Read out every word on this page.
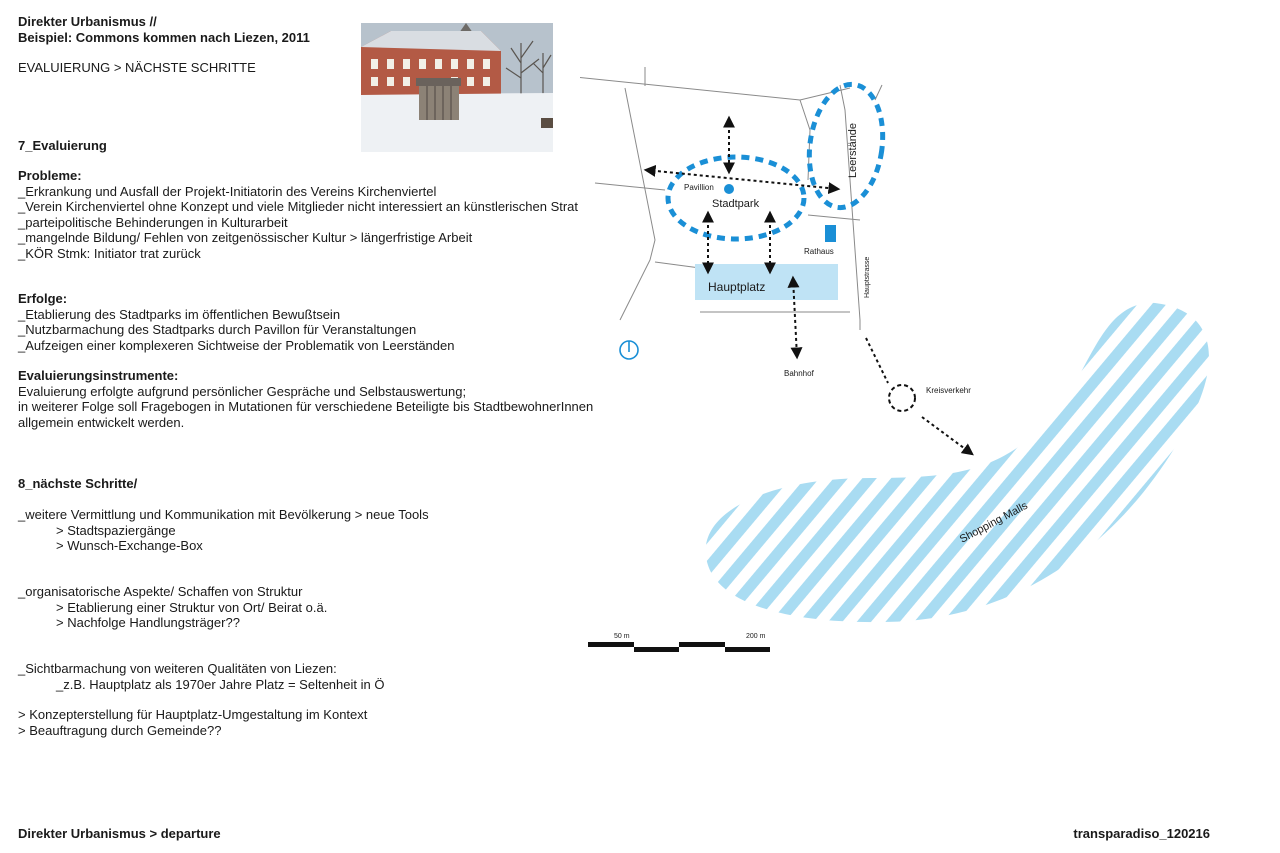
Direkter Urbanismus //
Beispiel: Commons kommen nach Liezen, 2011
EVALUIERUNG > NÄCHSTE SCHRITTE
7_Evaluierung
Probleme:
_Erkrankung und Ausfall der Projekt-Initiatorin des Vereins Kirchenviertel
_Verein Kirchenviertel ohne Konzept und viele Mitglieder nicht interessiert an künstlerischen Strat
_parteipolitische Behinderungen in Kulturarbeit
_mangelnde Bildung/ Fehlen von zeitgenössischer Kultur > längerfristige Arbeit
_KÖR Stmk: Initiator trat zurück
Erfolge:
_Etablierung des Stadtparks im öffentlichen Bewußtsein
_Nutzbarmachung des Stadtparks durch Pavillon für Veranstaltungen
_Aufzeigen einer komplexeren Sichtweise der Problematik von Leerständen
Evaluierungsinstrumente:
Evaluierung erfolgte aufgrund persönlicher Gespräche und Selbstauswertung;
in weiterer Folge soll Fragebogen in Mutationen für verschiedene Beteiligte bis StadtbewohnerInnen
allgemein entwickelt werden.
8_nächste Schritte/
_weitere Vermittlung und Kommunikation mit Bevölkerung > neue Tools
> Stadtspaziergänge
> Wunsch-Exchange-Box
_organisatorische Aspekte/ Schaffen von Struktur
> Etablierung einer Struktur von Ort/ Beirat o.ä.
> Nachfolge Handlungsträger??
_Sichtbarmachung von weiteren Qualitäten von Liezen:
_z.B. Hauptplatz als 1970er Jahre Platz = Seltenheit in Ö
> Konzepterstellung für Hauptplatz-Umgestaltung im Kontext
> Beauftragung durch Gemeinde??
Hauptplatz
Pavillion
Stadtpark
Leerstände
Rathaus
Hauptstrasse
Bahnhof
Kreisverkehr
Shopping Malls
50 m	200 m
Direkter Urbanismus > departure	transparadiso_120216
